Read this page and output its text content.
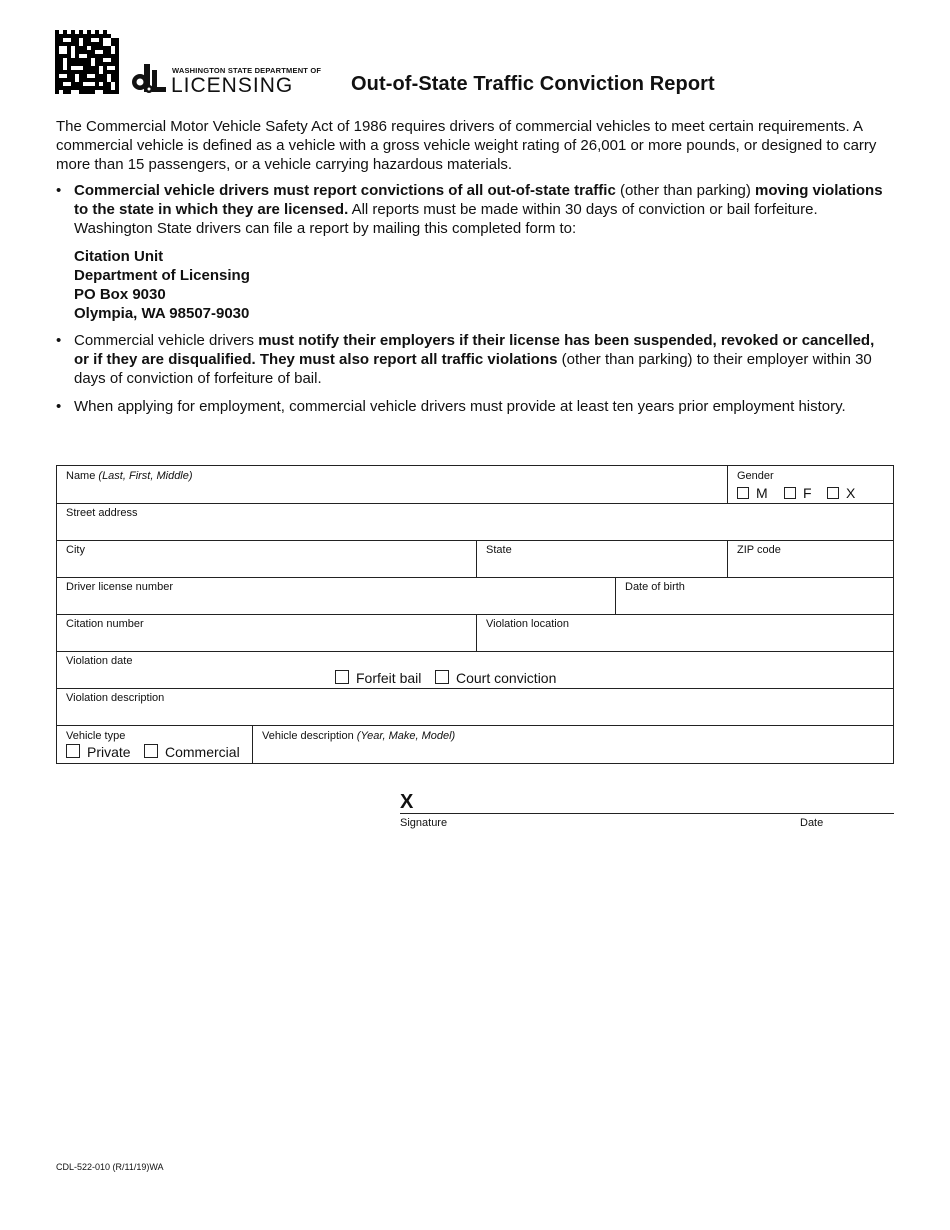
WASHINGTON STATE DEPARTMENT OF
LICENSING	Out-of-State Traffic Conviction Report
The Commercial Motor Vehicle Safety Act of 1986 requires drivers of commercial vehicles to meet certain requirements. A commercial vehicle is defined as a vehicle with a gross vehicle weight rating of 26,001 or more pounds, or designed to carry more than 15 passengers, or a vehicle carrying hazardous materials.
• Commercial vehicle drivers must report convictions of all out-of-state traffic (other than parking) moving violations to the state in which they are licensed. All reports must be made within 30 days of conviction or bail forfeiture. Washington State drivers can file a report by mailing this completed form to:
Citation Unit
Department of Licensing
PO Box 9030
Olympia, WA 98507-9030
• Commercial vehicle drivers must notify their employers if their license has been suspended, revoked or cancelled, or if they are disqualified. They must also report all traffic violations (other than parking) to their employer within 30 days of conviction of forfeiture of bail.
• When applying for employment, commercial vehicle drivers must provide at least ten years prior employment history.
Name (Last, First, Middle)	Gender
M	F	X
Street address
City	State	ZIP code
Driver license number	Date of birth
Citation number	Violation location
Violation date
Forfeit bail	Court conviction
Violation description
Vehicle type
Private	Commercial
Vehicle description (Year, Make, Model)
X
Signature	Date
CDL-522-010 (R/11/19)WA
